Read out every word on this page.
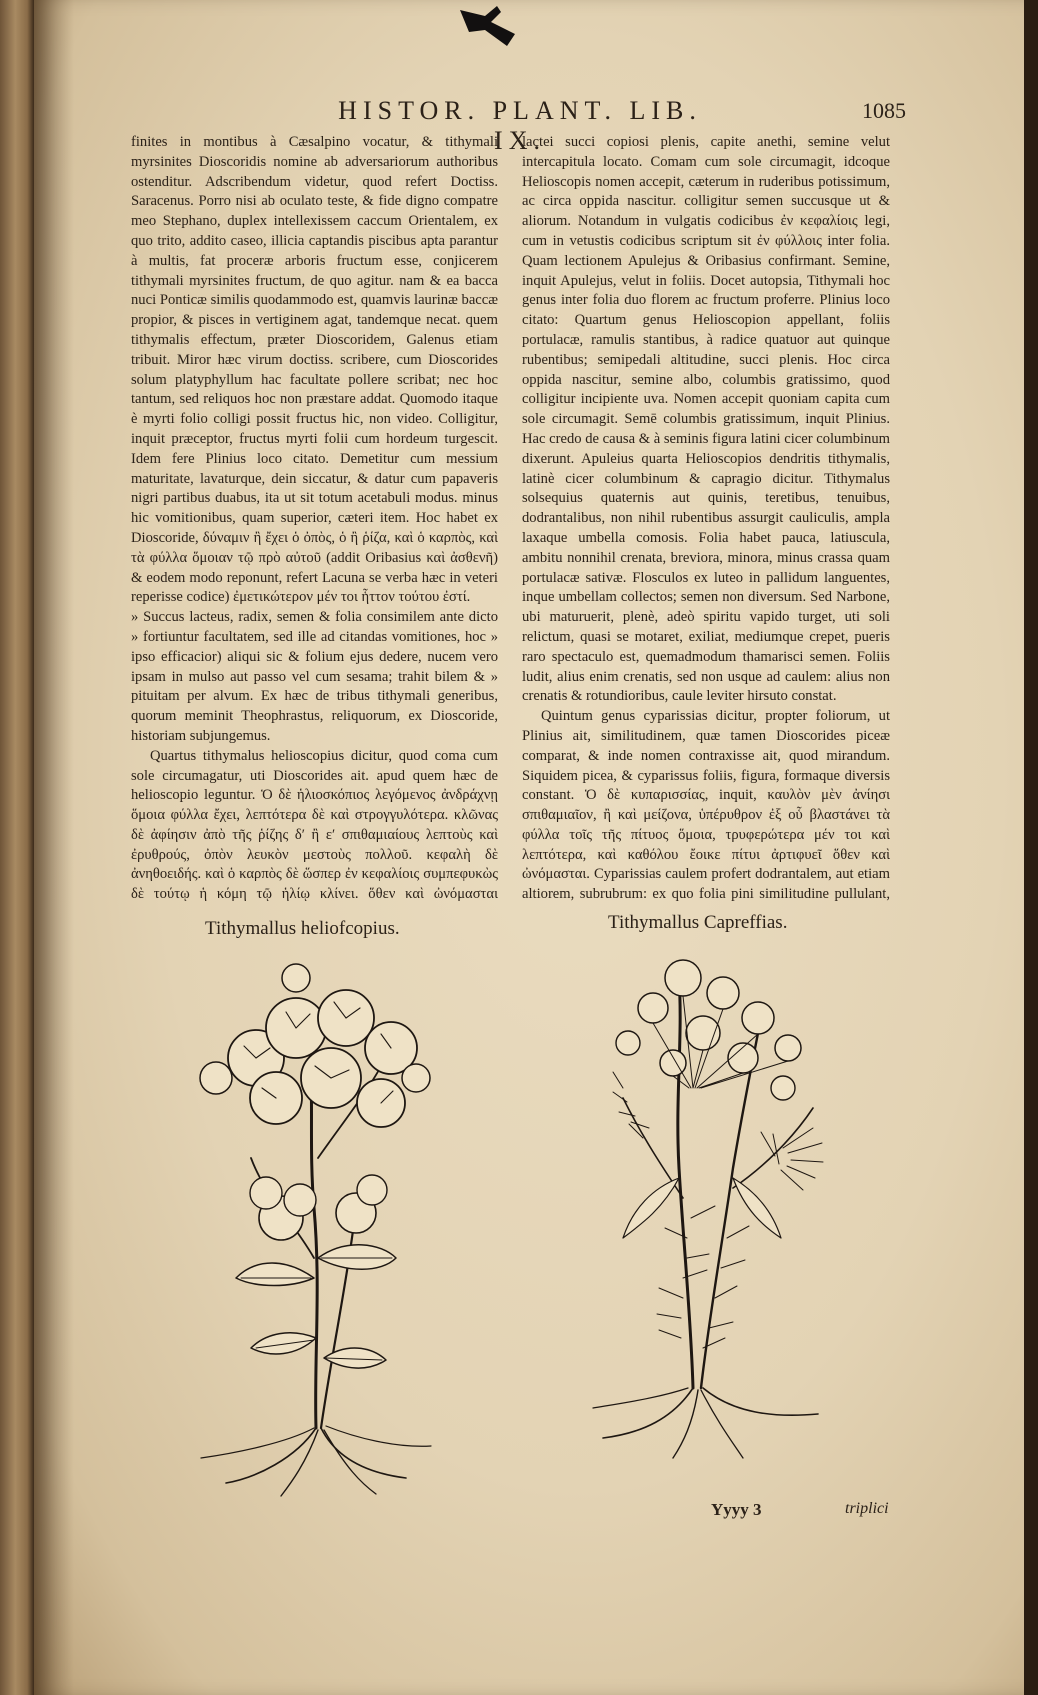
HISTOR. PLANT. LIB. IX.
1085

finites in montibus à Cæsalpino vocatur, & tithymali myrsinites Dioscoridis nomine ab adversariorum authoribus ostenditur. Adscribendum videtur, quod refert Doctiss. Saracenus. Porro nisi ab oculato teste, & fide digno compatre meo Stephano, duplex intellexissem caccum Orientalem, ex quo trito, addito caseo, illicia captandis piscibus apta parantur à multis, fat proceræ arboris fructum esse, conjicerem tithymali myrsinites fructum, de quo agitur. nam & ea bacca nuci Ponticæ similis quodammodo est, quamvis laurinæ baccæ propior, & pisces in vertiginem agat, tandemque necat. quem tithymalis effectum, præter Dioscoridem, Galenus etiam tribuit. Miror hæc virum doctiss. scribere, cum Dioscorides solum platyphyllum hac facultate pollere scribat; nec hoc tantum, sed reliquos hoc non præstare addat. Quomodo itaque è myrti folio colligi possit fructus hic, non video. Colligitur, inquit præceptor, fructus myrti folii cum hordeum turgescit. Idem fere Plinius loco citato. Demetitur cum messium maturitate, lavaturque, dein siccatur, & datur cum papaveris nigri partibus duabus, ita ut sit totum acetabuli modus. minus hic vomitionibus, quam superior, cæteri item. Hoc habet ex Dioscoride, δύναμιν ἢ ἔχει ὁ ὀπὸς, ὁ ἢ ῥίζα, καὶ ὁ καρπὸς, καὶ τὰ φύλλα ὅμοιαν τῷ πρὸ αὐτοῦ (addit Oribasius καὶ ἀσθενῆ) & eodem modo reponunt, refert Lacuna se verba hæc in veteri reperisse codice) ἐμετικώτερον μέν τοι ἧττον τούτου ἐστί.

» Succus lacteus, radix, semen & folia consimilem ante dicto » fortiuntur facultatem, sed ille ad citandas vomitiones, hoc » ipso efficacior) aliqui sic & folium ejus dedere, nucem vero ipsam in mulso aut passo vel cum sesama; trahit bilem & » pituitam per alvum. Ex hæc de tribus tithymali generibus, quorum meminit Theophrastus, reliquorum, ex Dioscoride, historiam subjungemus.

Quartus tithymalus helioscopius dicitur, quod coma cum sole circumagatur, uti Dioscorides ait. apud quem hæc de helioscopio leguntur. Ὁ δὲ ἡλιοσκόπιος λεγόμενος ἀνδράχνῃ ὅμοια φύλλα ἔχει, λεπτότερα δὲ καὶ στρογγυλότερα. κλῶνας δὲ ἀφίησιν ἀπὸ τῆς ῥίζης δʹ ἢ εʹ σπιθαμιαίους λεπτοὺς καὶ ἐρυθρούς, ὀπὸν λευκὸν μεστοὺς πολλοῦ. κεφαλὴ δὲ ἀνηθοειδής. καὶ ὁ καρπὸς δὲ ὥσπερ ἐν κεφαλίοις συμπεφυκὼς δὲ τούτῳ ἡ κόμη τῷ ἡλίῳ κλίνει. ὅθεν καὶ ὠνόμασται

lactei succi copiosi plenis, capite anethi, semine velut intercapitula locato. Comam cum sole circumagit, idcoque Helioscopis nomen accepit, cæterum in ruderibus potissimum, ac circa oppida nascitur. colligitur semen succusque ut & aliorum. Notandum in vulgatis codicibus ἐν κεφαλίοις legi, cum in vetustis codicibus scriptum sit ἐν φύλλοις inter folia. Quam lectionem Apulejus & Oribasius confirmant. Semine, inquit Apulejus, velut in foliis. Docet autopsia, Tithymali hoc genus inter folia duo florem ac fructum proferre. Plinius loco citato: Quartum genus Helioscopion appellant, foliis portulacæ, ramulis stantibus, à radice quatuor aut quinque rubentibus; semipedali altitudine, succi plenis. Hoc circa oppida nascitur, semine albo, columbis gratissimo, quod colligitur incipiente uva. Nomen accepit quoniam capita cum sole circumagit. Semē columbis gratissimum, inquit Plinius. Hac credo de causa & à seminis figura latini cicer columbinum dixerunt. Apuleius quarta Helioscopios dendritis tithymalis, latinè cicer columbinum & capragio dicitur. Tithymalus solsequius quaternis aut quinis, teretibus, tenuibus, dodrantalibus, non nihil rubentibus assurgit cauliculis, ampla laxaque umbella comosis. Folia habet pauca, latiuscula, ambitu nonnihil crenata, breviora, minora, minus crassa quam portulacæ sativæ. Flosculos ex luteo in pallidum languentes, inque umbellam collectos; semen non diversum. Sed Narbone, ubi maturuerit, plenè, adeò spiritu vapido turget, uti soli relictum, quasi se motaret, exiliat, mediumque crepet, pueris raro spectaculo est, quemadmodum thamarisci semen. Foliis ludit, alius enim crenatis, sed non usque ad caulem: alius non crenatis & rotundioribus, caule leviter hirsuto constat.

Quintum genus cyparissias dicitur, propter foliorum, ut Plinius ait, similitudinem, quæ tamen Dioscorides piceæ comparat, & inde nomen contraxisse ait, quod mirandum. Siquidem picea, & cyparissus foliis, figura, formaque diversis constant. Ὁ δὲ κυπαρισσίας, inquit, καυλὸν μὲν ἀνίησι σπιθαμιαῖον, ἢ καὶ μείζονα, ὑπέρυθρον ἐξ οὗ βλαστάνει τὰ φύλλα τοῖς τῆς πίτυος ὅμοια, τρυφερώτερα μέν τοι καὶ λεπτότερα, καὶ καθόλου ἔοικε πίτυι ἀρτιφυεῖ ὅθεν καὶ ὠνόμασται. Cyparissias caulem profert dodrantalem, aut etiam altiorem, subrubrum: ex quo folia pini similitudine pullulant,

Tithymallus heliofcopius.	Tithymallus Capreffias.
Yyyy 3	triplici
